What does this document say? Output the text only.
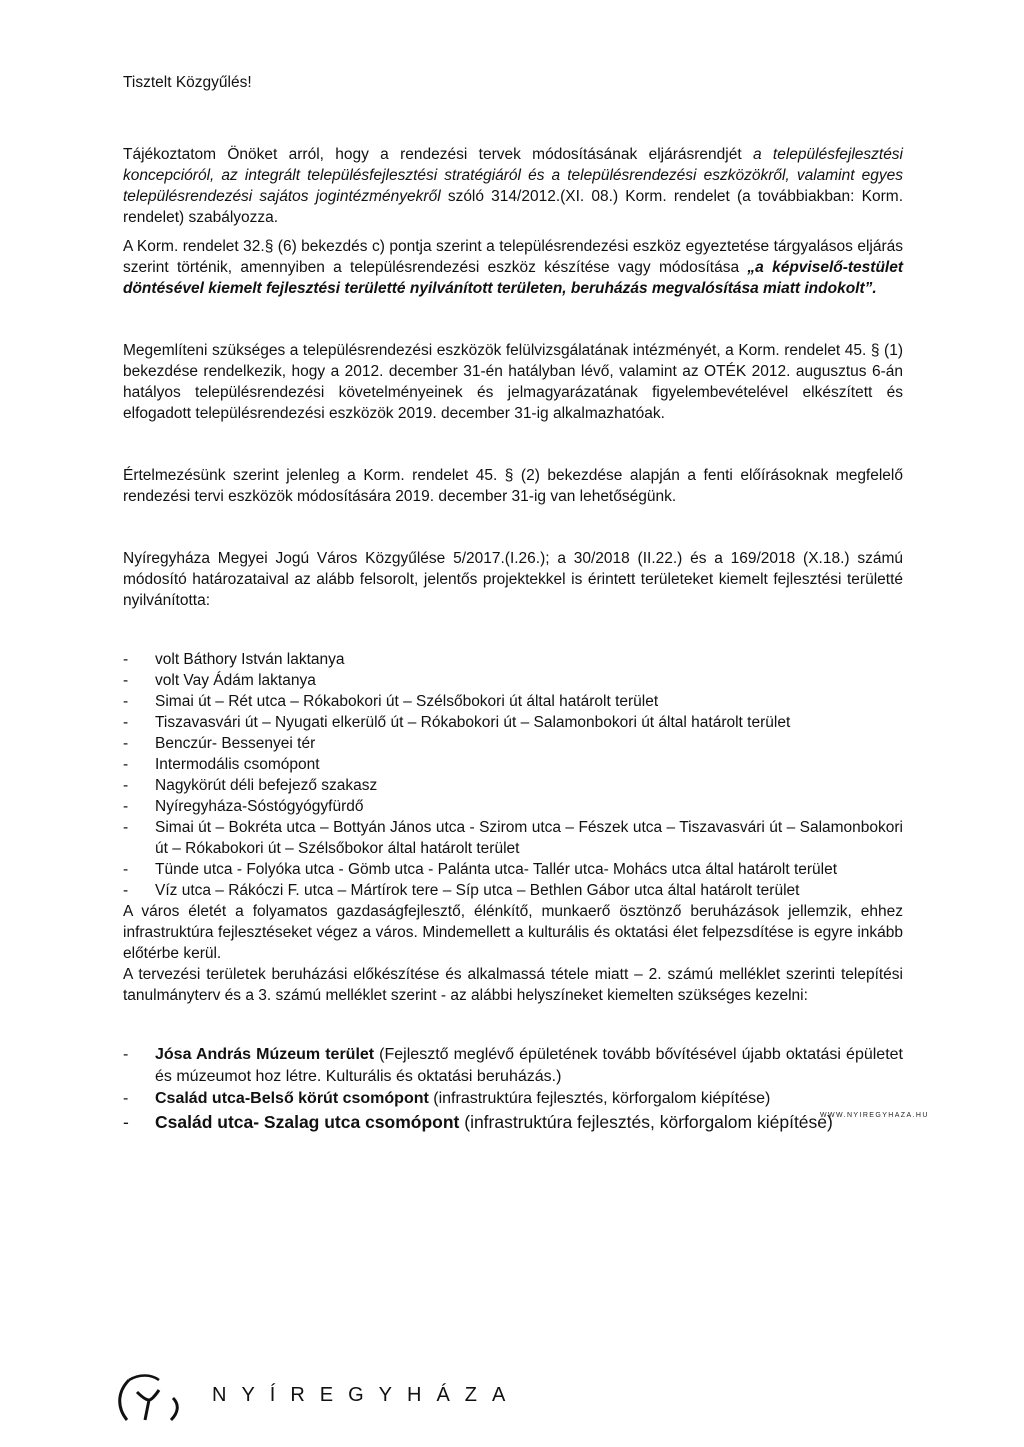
Tisztelt Közgyűlés!

Tájékoztatom Önöket arról, hogy a rendezési tervek módosításának eljárásrendjét a településfejlesztési koncepcióról, az integrált településfejlesztési stratégiáról és a településrendezési eszközökről, valamint egyes településrendezési sajátos jogintézményekről szóló 314/2012.(XI. 08.) Korm. rendelet (a továbbiakban: Korm. rendelet) szabályozza.

A Korm. rendelet 32.§ (6) bekezdés c) pontja szerint a településrendezési eszköz egyeztetése tárgyalásos eljárás szerint történik, amennyiben a településrendezési eszköz készítése vagy módosítása „a képviselő-testület döntésével kiemelt fejlesztési területté nyilvánított területen, beruházás megvalósítása miatt indokolt”.

Megemlíteni szükséges a településrendezési eszközök felülvizsgálatának intézményét, a Korm. rendelet 45. § (1) bekezdése rendelkezik, hogy a 2012. december 31-én hatályban lévő, valamint az OTÉK 2012. augusztus 6-án hatályos településrendezési követelményeinek és jelmagyarázatának figyelembevételével elkészített és elfogadott településrendezési eszközök 2019. december 31-ig alkalmazhatóak.

Értelmezésünk szerint jelenleg a Korm. rendelet 45. § (2) bekezdése alapján a fenti előírásoknak megfelelő rendezési tervi eszközök módosítására 2019. december 31-ig van lehetőségünk.

Nyíregyháza Megyei Jogú Város Közgyűlése 5/2017.(I.26.); a 30/2018 (II.22.) és a 169/2018 (X.18.) számú módosító határozataival az alább felsorolt, jelentős projektekkel is érintett területeket kiemelt fejlesztési területté nyilvánította:

- volt Báthory István laktanya
- volt Vay Ádám laktanya
- Simai út – Rét utca – Rókabokori út – Szélsőbokori út által határolt terület
- Tiszavasvári út – Nyugati elkerülő út – Rókabokori út – Salamonbokori út által határolt terület
- Benczúr- Bessenyei tér
- Intermodális csomópont
- Nagykörút déli befejező szakasz
- Nyíregyháza-Sóstógyógyfürdő
- Simai út – Bokréta utca – Bottyán János utca - Szirom utca – Fészek utca – Tiszavasvári út – Salamonbokori út – Rókabokori út – Szélsőbokor által határolt terület
- Tünde utca - Folyóka utca - Gömb utca - Palánta utca- Tallér utca- Mohács utca által határolt terület
- Víz utca – Rákóczi F. utca – Mártírok tere – Síp utca – Bethlen Gábor utca által határolt terület

A város életét a folyamatos gazdaságfejlesztő, élénkítő, munkaerő ösztönző beruházások jellemzik, ehhez infrastruktúra fejlesztéseket végez a város. Mindemellett a kulturális és oktatási élet felpezsdítése is egyre inkább előtérbe kerül.

A tervezési területek beruházási előkészítése és alkalmassá tétele miatt – 2. számú melléklet szerinti telepítési tanulmányterv és a 3. számú melléklet szerint - az alábbi helyszíneket kiemelten szükséges kezelni:

- Jósa András Múzeum terület (Fejlesztő meglévő épületének tovább bővítésével újabb oktatási épületet és múzeumot hoz létre. Kulturális és oktatási beruházás.)
- Család utca-Belső körút csomópont (infrastruktúra fejlesztés, körforgalom kiépítése)
- Család utca- Szalag utca csomópont (infrastruktúra fejlesztés, körforgalom kiépítése)
WWW.NYIREGYHAZA.HU
NYÍREGYHÁZA
